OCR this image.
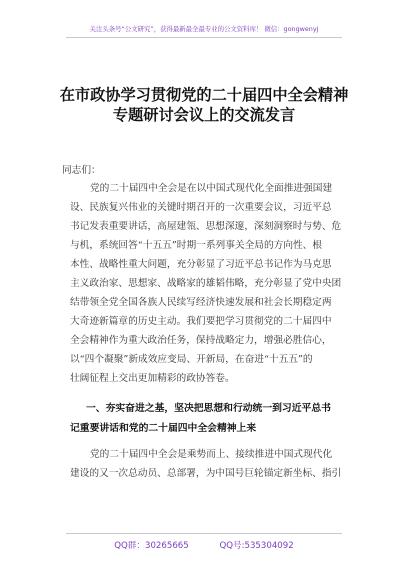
关注头条号“公文研究”，获得最新最全最专业的公文资料库！ 微信：gongwenyj
在市政协学习贯彻党的二十届四中全会精神
专题研讨会议上的交流发言
同志们：
党的二十届四中全会是在以中国式现代化全面推进强国建
设、民族复兴伟业的关键时期召开的一次重要会议，习近平总
书记发表重要讲话，高屋建瓴、思想深邃，深刻洞察时与势、危
与机，系统回答“十五五”时期一系列事关全局的方向性、根
本性、战略性重大问题，充分彰显了习近平总书记作为马克思
主义政治家、思想家、战略家的雄韬伟略，充分彰显了党中央团
结带领全党全国各族人民续写经济快速发展和社会长期稳定两
大奇迹新篇章的历史主动。我们要把学习贯彻党的二十届四中
全会精神作为重大政治任务，保持战略定力，增强必胜信心，
以“四个凝聚”新成效应变局、开新局，在奋进“十五五”的
壮阔征程上交出更加精彩的政协答卷。
一、夯实奋进之基，坚决把思想和行动统一到习近平总书
记重要讲话和党的二十届四中全会精神上来
党的二十届四中全会是乘势而上、接续推进中国式现代化
建设的又一次总动员、总部署，为中国号巨轮锚定新坐标、指引
QQ群：30265665	QQ号:535304092
